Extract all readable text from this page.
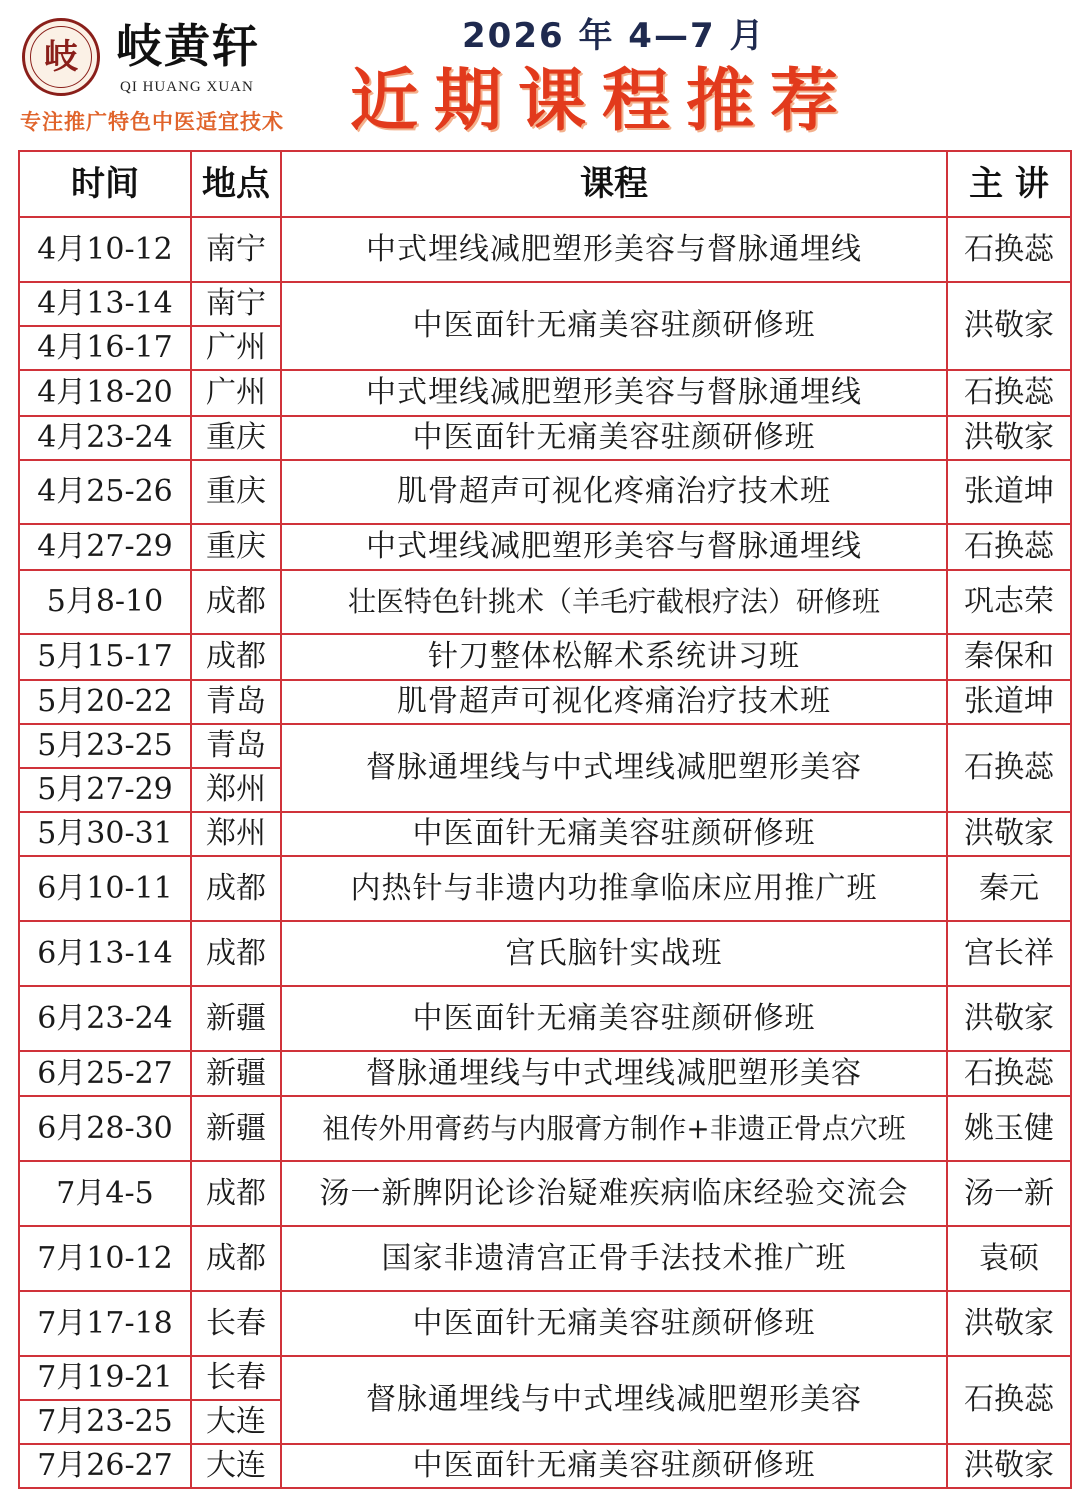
岐 岐黄轩
QI HUANG XUAN
专注推广特色中医适宜技术
2026 年 4—7 月
近期课程推荐
时间	地点	课程	主 讲
4月10-12	南宁	中式埋线减肥塑形美容与督脉通埋线	石换蕊
4月13-14	南宁	中医面针无痛美容驻颜研修班	洪敬家
4月16-17	广州		
4月18-20	广州	中式埋线减肥塑形美容与督脉通埋线	石换蕊
4月23-24	重庆	中医面针无痛美容驻颜研修班	洪敬家
4月25-26	重庆	肌骨超声可视化疼痛治疗技术班	张道坤
4月27-29	重庆	中式埋线减肥塑形美容与督脉通埋线	石换蕊
5月8-10	成都	壮医特色针挑术（羊毛疔截根疗法）研修班	巩志荣
5月15-17	成都	针刀整体松解术系统讲习班	秦保和
5月20-22	青岛	肌骨超声可视化疼痛治疗技术班	张道坤
5月23-25	青岛	督脉通埋线与中式埋线减肥塑形美容	石换蕊
5月27-29	郑州		
5月30-31	郑州	中医面针无痛美容驻颜研修班	洪敬家
6月10-11	成都	内热针与非遗内功推拿临床应用推广班	秦元
6月13-14	成都	宫氏脑针实战班	宫长祥
6月23-24	新疆	中医面针无痛美容驻颜研修班	洪敬家
6月25-27	新疆	督脉通埋线与中式埋线减肥塑形美容	石换蕊
6月28-30	新疆	祖传外用膏药与内服膏方制作+非遗正骨点穴班	姚玉健
7月4-5	成都	汤一新脾阴论诊治疑难疾病临床经验交流会	汤一新
7月10-12	成都	国家非遗清宫正骨手法技术推广班	袁硕
7月17-18	长春	中医面针无痛美容驻颜研修班	洪敬家
7月19-21	长春	督脉通埋线与中式埋线减肥塑形美容	石换蕊
7月23-25	大连		
7月26-27	大连	中医面针无痛美容驻颜研修班	洪敬家
